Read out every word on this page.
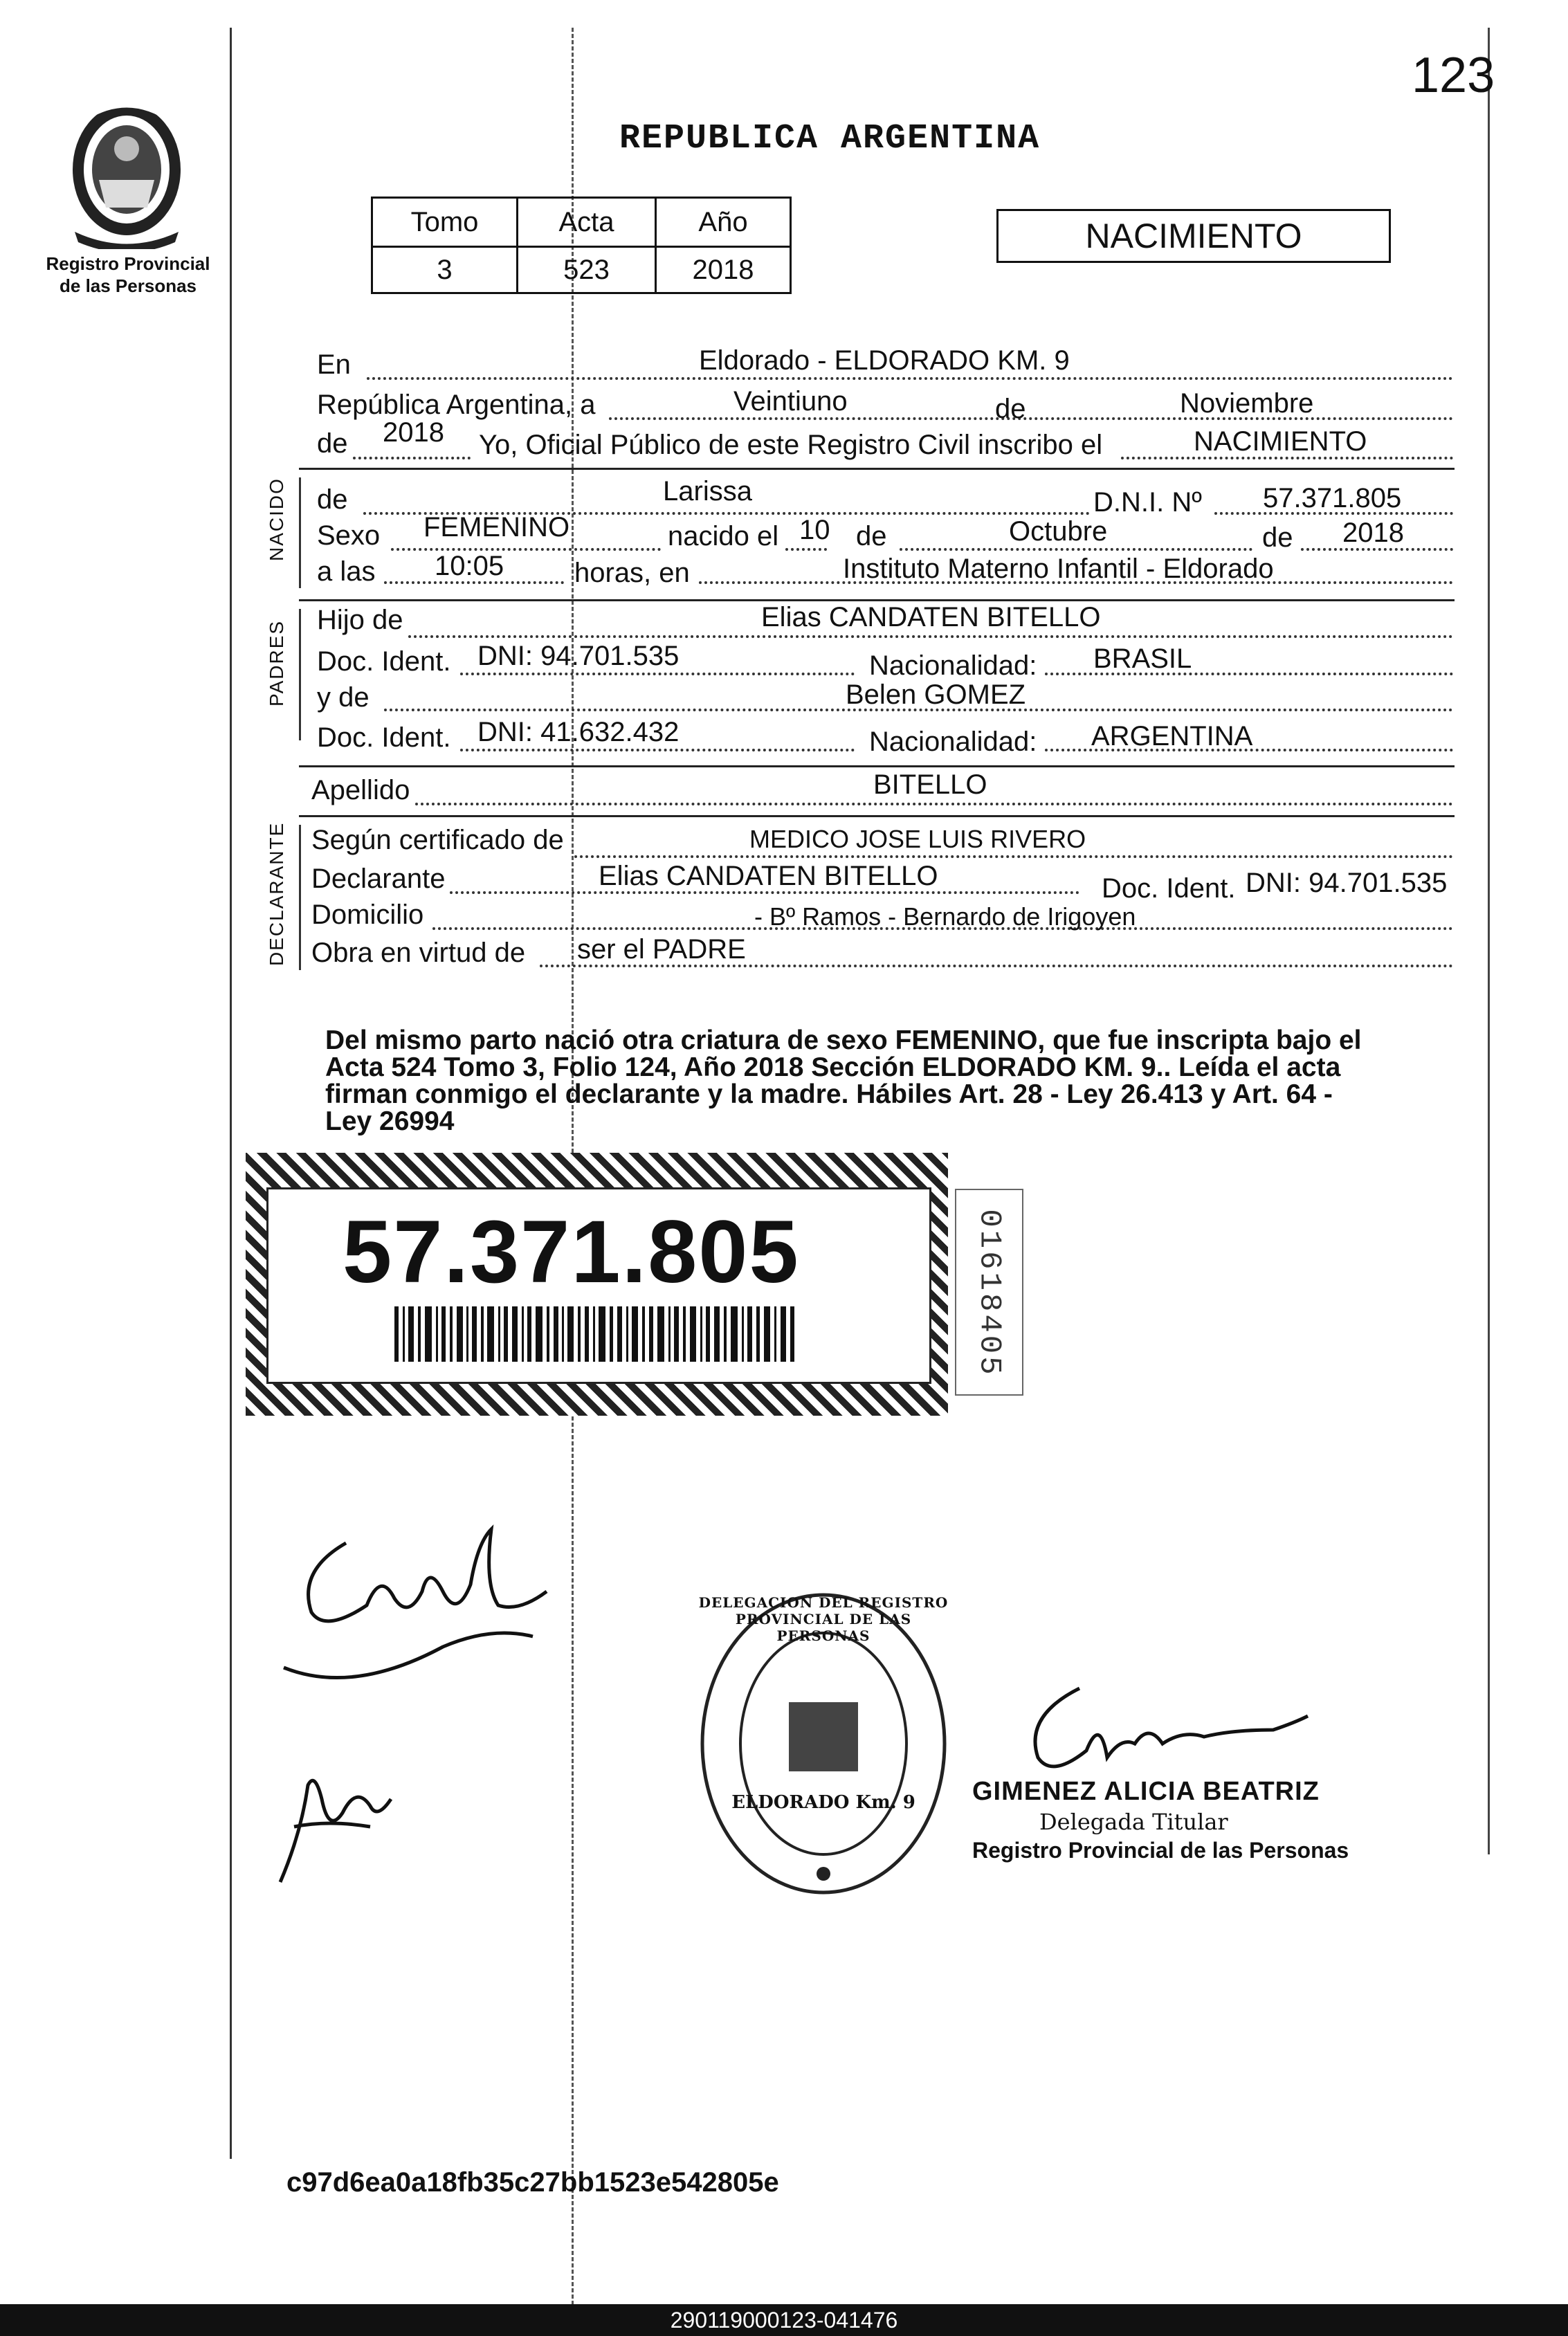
123
Registro Provincial
de las Personas
REPUBLICA ARGENTINA
Tomo	Acta	Año
3	523	2018
NACIMIENTO
En	Eldorado - ELDORADO KM. 9
República Argentina, a	Veintiuno	de	Noviembre
de 2018 Yo, Oficial Público de este Registro Civil inscribo el	NACIMIENTO
NACIDO de	Larissa	D.N.I. Nº 57.371.805
Sexo FEMENINO	nacido el 10 de	Octubre	de 2018
a las 10:05	horas, en	Instituto Materno Infantil - Eldorado
PADRES Hijo de	Elias CANDATEN BITELLO
Doc. Ident. DNI: 94.701.535	Nacionalidad: BRASIL
y de	Belen GOMEZ
Doc. Ident. DNI: 41.632.432	Nacionalidad: ARGENTINA
Apellido	BITELLO
DECLARANTE Según certificado de	MEDICO JOSE LUIS RIVERO
Declarante	Elias CANDATEN BITELLO	Doc. Ident. DNI: 94.701.535
Domicilio	- Bº Ramos - Bernardo de Irigoyen
Obra en virtud de ser el PADRE
Del mismo parto nació otra criatura de sexo FEMENINO, que fue inscripta bajo el
Acta 524 Tomo 3, Folio 124, Año 2018 Sección ELDORADO KM. 9.. Leída el acta
firman conmigo el declarante y la madre. Hábiles Art. 28 - Ley 26.413 y Art. 64 -
Ley 26994
57.371.805	01618405
DELEGACION DEL REGISTRO PROVINCIAL DE LAS PERSONAS
ELDORADO Km. 9	GIMENEZ ALICIA BEATRIZ
Delegada Titular
Registro Provincial de las Personas
c97d6ea0a18fb35c27bb1523e542805e
290119000123-041476
